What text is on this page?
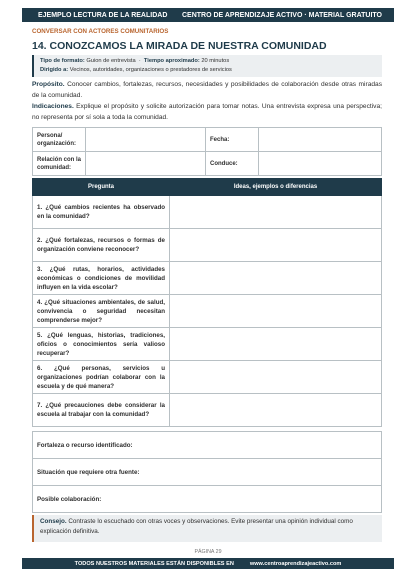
EJEMPLO LECTURA DE LA REALIDAD CENTRO DE APRENDIZAJE ACTIVO · MATERIAL GRATUITO
CONVERSAR CON ACTORES COMUNITARIOS
14. CONOZCAMOS LA MIRADA DE NUESTRA COMUNIDAD
Tipo de formato: Guion de entrevista  ·  Tiempo aproximado: 20 minutos
Dirigido a: Vecinos, autoridades, organizaciones o prestadores de servicios
Propósito. Conocer cambios, fortalezas, recursos, necesidades y posibilidades de colaboración desde otras miradas de la comunidad.
Indicaciones. Explique el propósito y solicite autorización para tomar notas. Una entrevista expresa una perspectiva; no representa por sí sola a toda la comunidad.
Persona/ organización:		Fecha:	
Relación con la comunidad:		Conduce:	
Pregunta	Ideas, ejemplos o diferencias
1. ¿Qué cambios recientes ha observado en la comunidad?	
2. ¿Qué fortalezas, recursos o formas de organización conviene reconocer?	
3. ¿Qué rutas, horarios, actividades económicas o condiciones de movilidad influyen en la vida escolar?	
4. ¿Qué situaciones ambientales, de salud, convivencia o seguridad necesitan comprenderse mejor?	
5. ¿Qué lenguas, historias, tradiciones, oficios o conocimientos sería valioso recuperar?	
6. ¿Qué personas, servicios u organizaciones podrían colaborar con la escuela y de qué manera?	
7. ¿Qué precauciones debe considerar la escuela al trabajar con la comunidad?	
Fortaleza o recurso identificado:
Situación que requiere otra fuente:
Posible colaboración:
Consejo. Contraste lo escuchado con otras voces y observaciones. Evite presentar una opinión individual como explicación definitiva.
PÁGINA 29
TODOS NUESTROS MATERIALES ESTÁN DISPONIBLES EN	www.centroaprendizajeactivo.com
